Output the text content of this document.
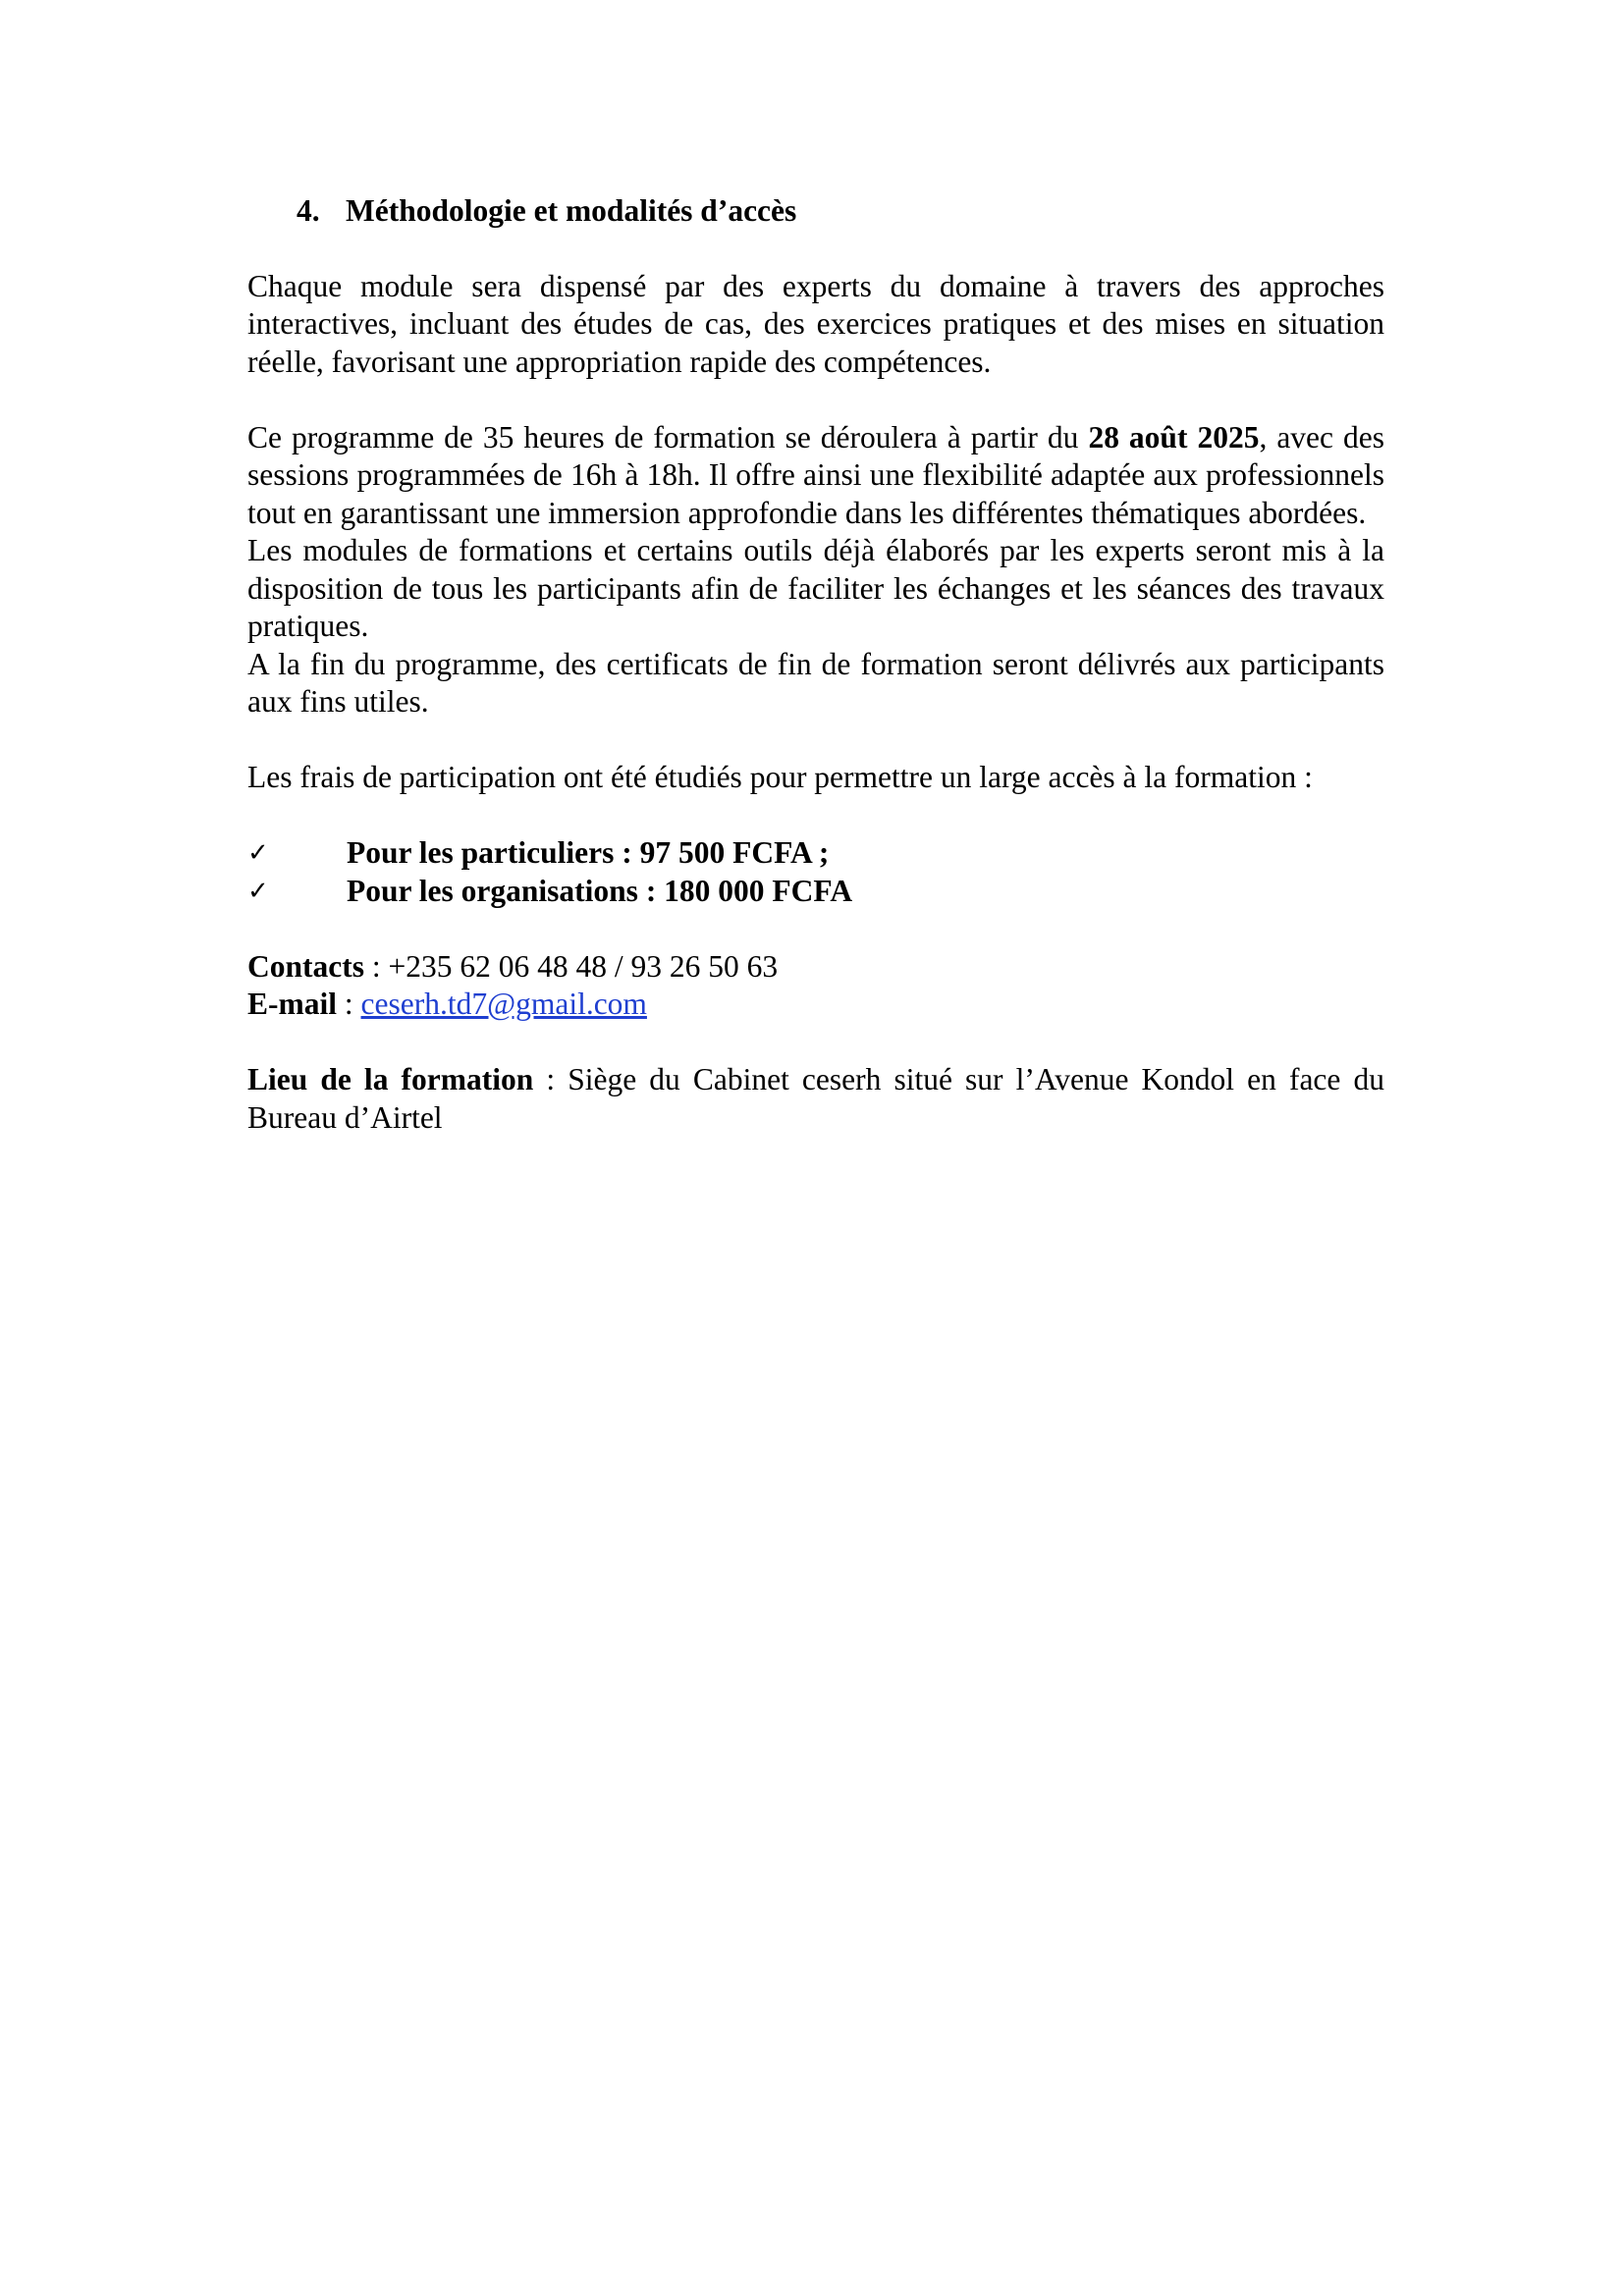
4. Méthodologie et modalités d’accès

Chaque module sera dispensé par des experts du domaine à travers des approches interactives, incluant des études de cas, des exercices pratiques et des mises en situation réelle, favorisant une appropriation rapide des compétences.

Ce programme de 35 heures de formation se déroulera à partir du 28 août 2025, avec des sessions programmées de 16h à 18h. Il offre ainsi une flexibilité adaptée aux professionnels tout en garantissant une immersion approfondie dans les différentes thématiques abordées.

Les modules de formations et certains outils déjà élaborés par les experts seront mis à la disposition de tous les participants afin de faciliter les échanges et les séances des travaux pratiques.

A la fin du programme, des certificats de fin de formation seront délivrés aux participants aux fins utiles.

Les frais de participation ont été étudiés pour permettre un large accès à la formation :

✓	Pour les particuliers : 97 500 FCFA ;
✓	Pour les organisations : 180 000 FCFA
Contacts : +235 62 06 48 48 / 93 26 50 63
E-mail : ceserh.td7@gmail.com

Lieu de la formation : Siège du Cabinet ceserh situé sur l’Avenue Kondol en face du Bureau d’Airtel
